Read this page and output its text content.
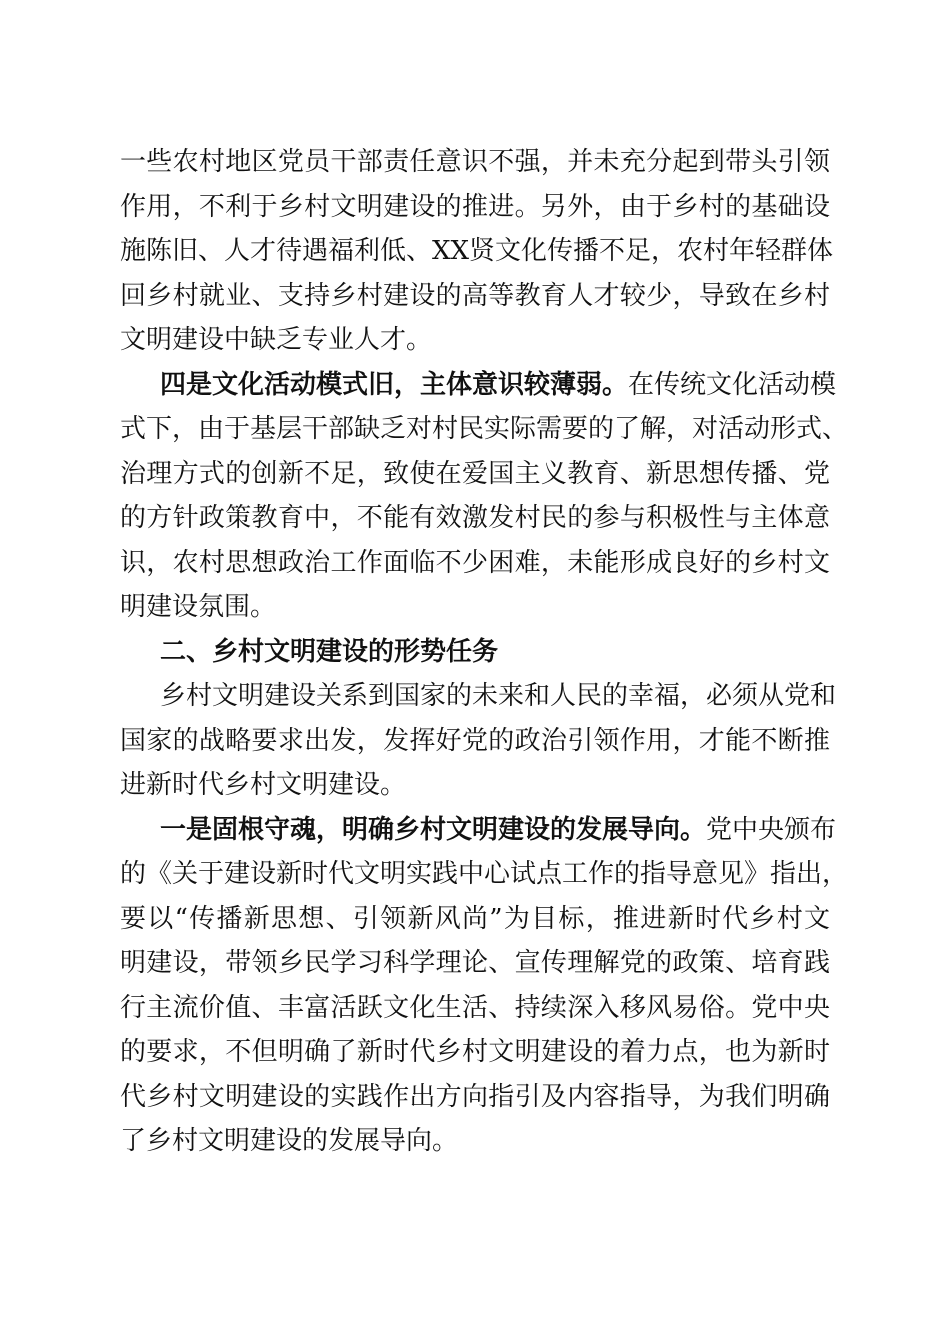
一些农村地区党员干部责任意识不强，并未充分起到带头引领
作用，不利于乡村文明建设的推进。另外，由于乡村的基础设
施陈旧、人才待遇福利低、XX贤文化传播不足，农村年轻群体
回乡村就业、支持乡村建设的高等教育人才较少，导致在乡村
文明建设中缺乏专业人才。
四是文化活动模式旧，主体意识较薄弱。在传统文化活动模
式下，由于基层干部缺乏对村民实际需要的了解，对活动形式、
治理方式的创新不足，致使在爱国主义教育、新思想传播、党
的方针政策教育中，不能有效激发村民的参与积极性与主体意
识，农村思想政治工作面临不少困难，未能形成良好的乡村文
明建设氛围。
二、乡村文明建设的形势任务
乡村文明建设关系到国家的未来和人民的幸福，必须从党和
国家的战略要求出发，发挥好党的政治引领作用，才能不断推
进新时代乡村文明建设。
一是固根守魂，明确乡村文明建设的发展导向。党中央颁布
的《关于建设新时代文明实践中心试点工作的指导意见》指出，
要以“传播新思想、引领新风尚”为目标，推进新时代乡村文
明建设，带领乡民学习科学理论、宣传理解党的政策、培育践
行主流价值、丰富活跃文化生活、持续深入移风易俗。党中央
的要求，不但明确了新时代乡村文明建设的着力点，也为新时
代乡村文明建设的实践作出方向指引及内容指导，为我们明确
了乡村文明建设的发展导向。
